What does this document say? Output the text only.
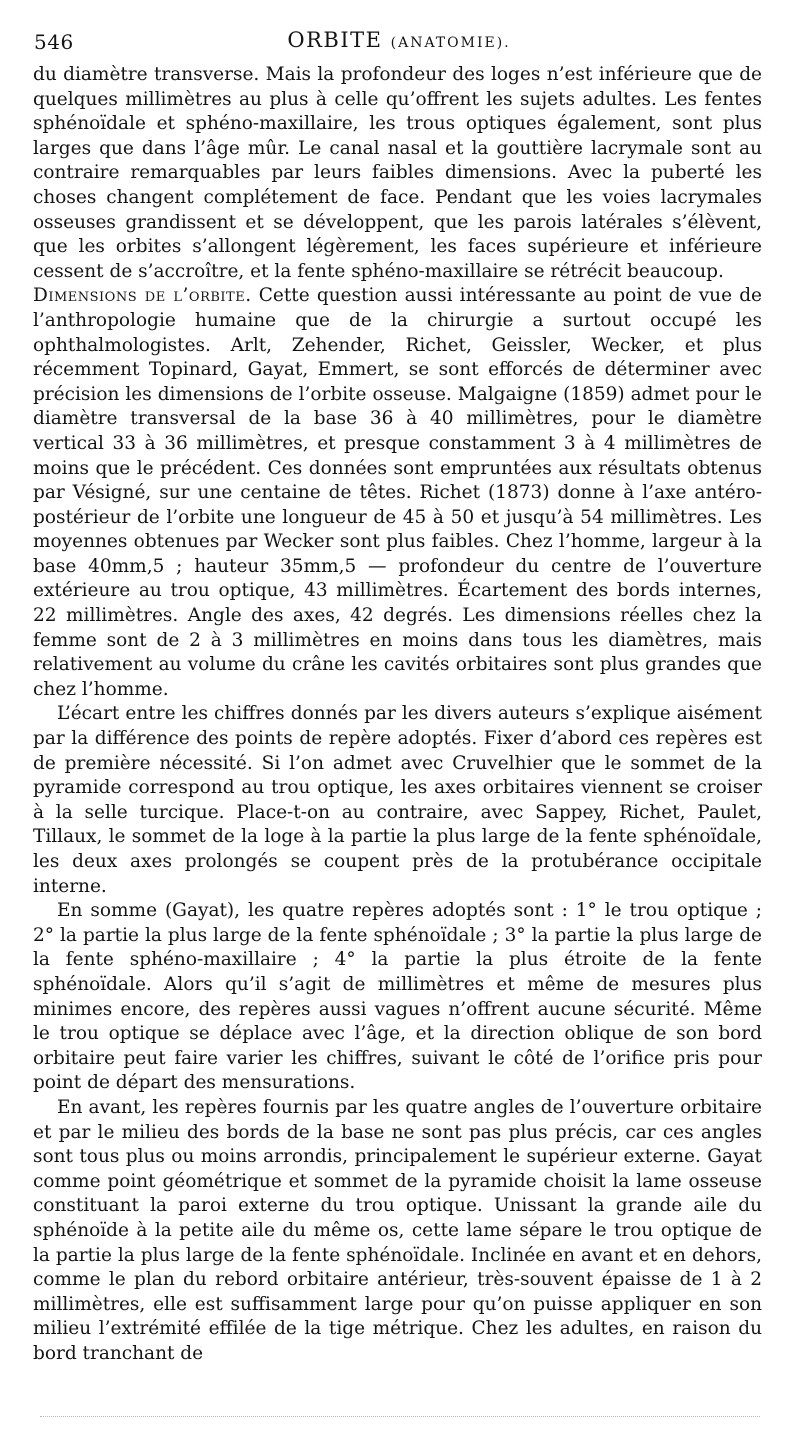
546	ORBITE (ANATOMIE).

du diamètre transverse. Mais la profondeur des loges n’est inférieure que de quelques millimètres au plus à celle qu’offrent les sujets adultes. Les fentes sphénoïdale et sphéno-maxillaire, les trous optiques également, sont plus larges que dans l’âge mûr. Le canal nasal et la gouttière lacrymale sont au contraire remarquables par leurs faibles dimensions. Avec la puberté les choses changent complétement de face. Pendant que les voies lacrymales osseuses grandissent et se développent, que les parois latérales s’élèvent, que les orbites s’allongent légèrement, les faces supérieure et inférieure cessent de s’accroître, et la fente sphéno-maxillaire se rétrécit beaucoup.

Dimensions de l’orbite. Cette question aussi intéressante au point de vue de l’anthropologie humaine que de la chirurgie a surtout occupé les ophthalmologistes. Arlt, Zehender, Richet, Geissler, Wecker, et plus récemment Topinard, Gayat, Emmert, se sont efforcés de déterminer avec précision les dimensions de l’orbite osseuse. Malgaigne (1859) admet pour le diamètre transversal de la base 36 à 40 millimètres, pour le diamètre vertical 33 à 36 millimètres, et presque constamment 3 à 4 millimètres de moins que le précédent. Ces données sont empruntées aux résultats obtenus par Vésigné, sur une centaine de têtes. Richet (1873) donne à l’axe antéro-postérieur de l’orbite une longueur de 45 à 50 et jusqu’à 54 millimètres. Les moyennes obtenues par Wecker sont plus faibles. Chez l’homme, largeur à la base 40mm,5 ; hauteur 35mm,5 — profondeur du centre de l’ouverture extérieure au trou optique, 43 millimètres. Écartement des bords internes, 22 millimètres. Angle des axes, 42 degrés. Les dimensions réelles chez la femme sont de 2 à 3 millimètres en moins dans tous les diamètres, mais relativement au volume du crâne les cavités orbitaires sont plus grandes que chez l’homme.

L’écart entre les chiffres donnés par les divers auteurs s’explique aisément par la différence des points de repère adoptés. Fixer d’abord ces repères est de première nécessité. Si l’on admet avec Cruvelhier que le sommet de la pyramide correspond au trou optique, les axes orbitaires viennent se croiser à la selle turcique. Place-t-on au contraire, avec Sappey, Richet, Paulet, Tillaux, le sommet de la loge à la partie la plus large de la fente sphénoïdale, les deux axes prolongés se coupent près de la protubérance occipitale interne.

En somme (Gayat), les quatre repères adoptés sont : 1° le trou optique ; 2° la partie la plus large de la fente sphénoïdale ; 3° la partie la plus large de la fente sphéno-maxillaire ; 4° la partie la plus étroite de la fente sphénoïdale. Alors qu’il s’agit de millimètres et même de mesures plus minimes encore, des repères aussi vagues n’offrent aucune sécurité. Même le trou optique se déplace avec l’âge, et la direction oblique de son bord orbitaire peut faire varier les chiffres, suivant le côté de l’orifice pris pour point de départ des mensurations.

En avant, les repères fournis par les quatre angles de l’ouverture orbitaire et par le milieu des bords de la base ne sont pas plus précis, car ces angles sont tous plus ou moins arrondis, principalement le supérieur externe. Gayat comme point géométrique et sommet de la pyramide choisit la lame osseuse constituant la paroi externe du trou optique. Unissant la grande aile du sphénoïde à la petite aile du même os, cette lame sépare le trou optique de la partie la plus large de la fente sphénoïdale. Inclinée en avant et en dehors, comme le plan du rebord orbitaire antérieur, très-souvent épaisse de 1 à 2 millimètres, elle est suffisamment large pour qu’on puisse appliquer en son milieu l’extrémité effilée de la tige métrique. Chez les adultes, en raison du bord tranchant de
